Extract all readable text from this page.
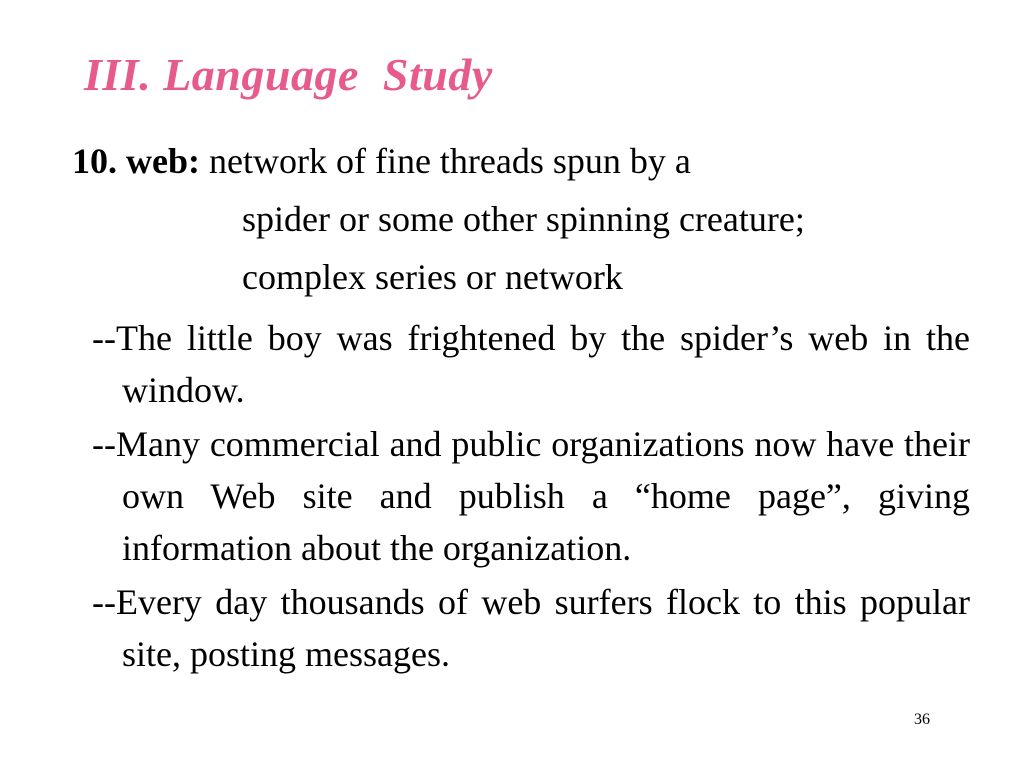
III. Language  Study
10. web: network of fine threads spun by a
spider or some other spinning creature;
complex series or network

--The little boy was frightened by the spider’s web in the window.

--Many commercial and public organizations now have their own Web site and publish a “home page”, giving information about the organization.

--Every day thousands of web surfers flock to this popular site, posting messages.

36
